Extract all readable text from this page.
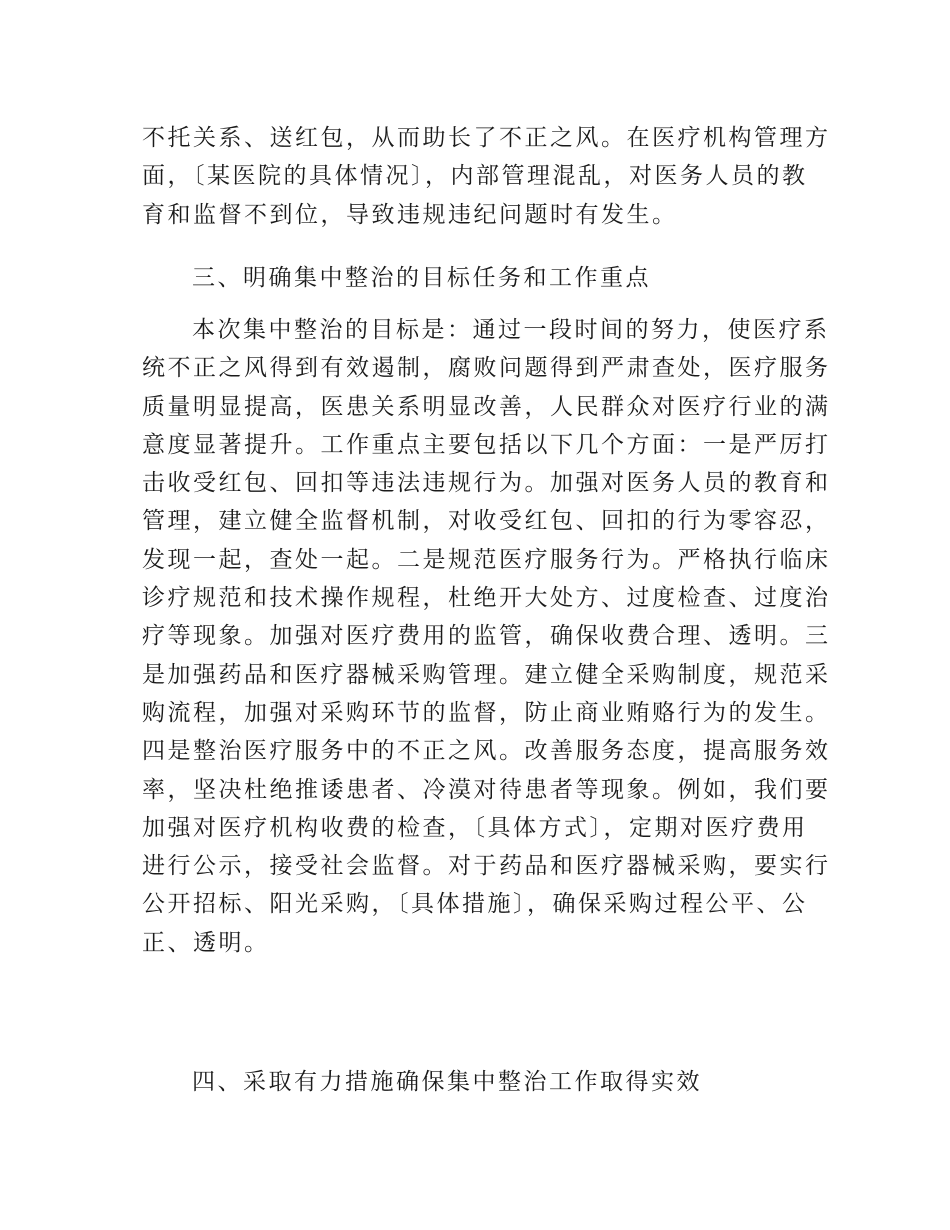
不托关系、送红包，从而助长了不正之风。在医疗机构管理方
面，〔某医院的具体情况〕，内部管理混乱，对医务人员的教
育和监督不到位，导致违规违纪问题时有发生。
三、明确集中整治的目标任务和工作重点
本次集中整治的目标是：通过一段时间的努力，使医疗系
统不正之风得到有效遏制，腐败问题得到严肃查处，医疗服务
质量明显提高，医患关系明显改善，人民群众对医疗行业的满
意度显著提升。工作重点主要包括以下几个方面：一是严厉打
击收受红包、回扣等违法违规行为。加强对医务人员的教育和
管理，建立健全监督机制，对收受红包、回扣的行为零容忍，
发现一起，查处一起。二是规范医疗服务行为。严格执行临床
诊疗规范和技术操作规程，杜绝开大处方、过度检查、过度治
疗等现象。加强对医疗费用的监管，确保收费合理、透明。三
是加强药品和医疗器械采购管理。建立健全采购制度，规范采
购流程，加强对采购环节的监督，防止商业贿赂行为的发生。
四是整治医疗服务中的不正之风。改善服务态度，提高服务效
率，坚决杜绝推诿患者、冷漠对待患者等现象。例如，我们要
加强对医疗机构收费的检查，〔具体方式〕，定期对医疗费用
进行公示，接受社会监督。对于药品和医疗器械采购，要实行
公开招标、阳光采购，〔具体措施〕，确保采购过程公平、公
正、透明。
四、采取有力措施确保集中整治工作取得实效
